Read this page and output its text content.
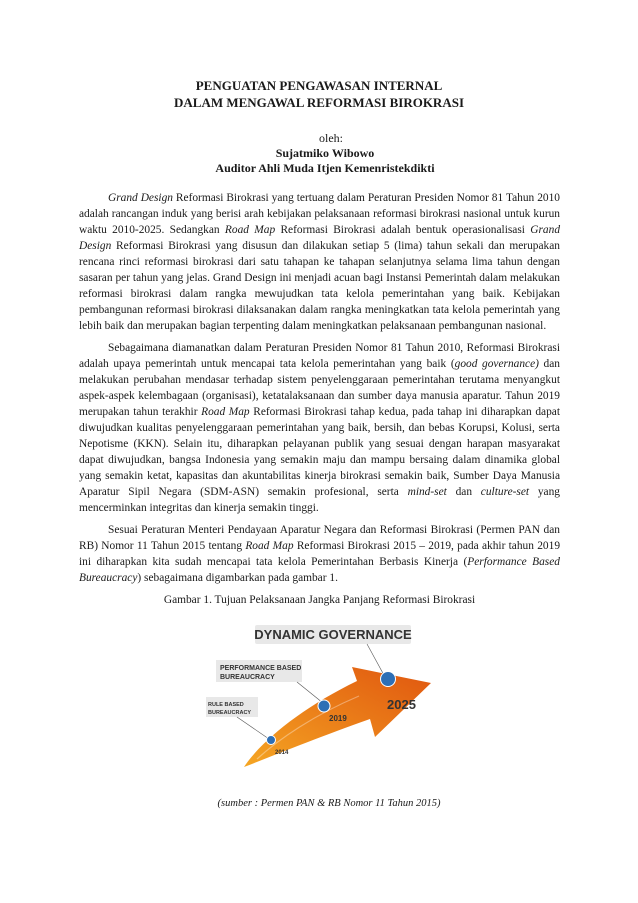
PENGUATAN PENGAWASAN INTERNAL

DALAM MENGAWAL REFORMASI BIROKRASI

oleh:
Sujatmiko Wibowo
Auditor Ahli Muda Itjen Kemenristekdikti

Grand Design Reformasi Birokrasi yang tertuang dalam Peraturan Presiden Nomor 81 Tahun 2010 adalah rancangan induk yang berisi arah kebijakan pelaksanaan reformasi birokrasi nasional untuk kurun waktu 2010-2025. Sedangkan Road Map Reformasi Birokrasi adalah bentuk operasionalisasi Grand Design Reformasi Birokrasi yang disusun dan dilakukan setiap 5 (lima) tahun sekali dan merupakan rencana rinci reformasi birokrasi dari satu tahapan ke tahapan selanjutnya selama lima tahun dengan sasaran per tahun yang jelas. Grand Design ini menjadi acuan bagi Instansi Pemerintah dalam melakukan reformasi birokrasi dalam rangka mewujudkan tata kelola pemerintahan yang baik. Kebijakan pembangunan reformasi birokrasi dilaksanakan dalam rangka meningkatkan tata kelola pemerintah yang lebih baik dan merupakan bagian terpenting dalam meningkatkan pelaksanaan pembangunan nasional.

Sebagaimana diamanatkan dalam Peraturan Presiden Nomor 81 Tahun 2010, Reformasi Birokrasi adalah upaya pemerintah untuk mencapai tata kelola pemerintahan yang baik (good governance) dan melakukan perubahan mendasar terhadap sistem penyelenggaraan pemerintahan terutama menyangkut aspek-aspek kelembagaan (organisasi), ketatalaksanaan dan sumber daya manusia aparatur. Tahun 2019 merupakan tahun terakhir Road Map Reformasi Birokrasi tahap kedua, pada tahap ini diharapkan dapat diwujudkan kualitas penyelenggaraan pemerintahan yang baik, bersih, dan bebas Korupsi, Kolusi, serta Nepotisme (KKN). Selain itu, diharapkan pelayanan publik yang sesuai dengan harapan masyarakat dapat diwujudkan, bangsa Indonesia yang semakin maju dan mampu bersaing dalam dinamika global yang semakin ketat, kapasitas dan akuntabilitas kinerja birokrasi semakin baik, Sumber Daya Manusia Aparatur Sipil Negara (SDM-ASN) semakin profesional, serta mind-set dan culture-set yang mencerminkan integritas dan kinerja semakin tinggi.

Sesuai Peraturan Menteri Pendayaan Aparatur Negara dan Reformasi Birokrasi (Permen PAN dan RB) Nomor 11 Tahun 2015 tentang Road Map Reformasi Birokrasi 2015 – 2019, pada akhir tahun 2019 ini diharapkan kita sudah mencapai tata kelola Pemerintahan Berbasis Kinerja (Performance Based Bureaucracy) sebagaimana digambarkan pada gambar 1.

Gambar 1. Tujuan Pelaksanaan Jangka Panjang Reformasi Birokrasi

DYNAMIC GOVERNANCE
PERFORMANCE BASED
BUREAUCRACY
RULE BASED
BUREAUCRACY
2014
2019
2025
(sumber : Permen PAN & RB Nomor 11 Tahun 2015)
